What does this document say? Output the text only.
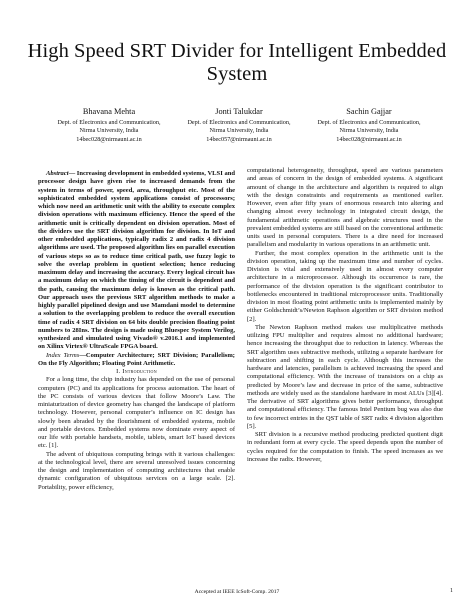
High Speed SRT Divider for Intelligent Embedded System
Bhavana Mehta
Dept. of Electronics and Communication,
Nirma University, India
14bec028@nirmauni.ac.in
Jonti Talukdar
Dept. of Electronics and Communication,
Nirma University, India
14bec057@nirmauni.ac.in
Sachin Gajjar
Dept. of Electronics and Communication,
Nirma University, India
14bec028@nirmauni.ac.in

Abstract— Increasing development in embedded systems, VLSI and processor design have given rise to increased demands from the system in terms of power, speed, area, throughput etc. Most of the sophisticated embedded system applications consist of processors; which now need an arithmetic unit with the ability to execute complex division operations with maximum efficiency. Hence the speed of the arithmetic unit is critically dependent on division operation. Most of the dividers use the SRT division algorithm for division. In IoT and other embedded applications, typically radix 2 and radix 4 division algorithms are used. The proposed algorithm lies on parallel execution of various steps so as to reduce time critical path, use fuzzy logic to solve the overlap problem in quotient selection; hence reducing maximum delay and increasing the accuracy. Every logical circuit has a maximum delay on which the timing of the circuit is dependent and the path, causing the maximum delay is known as the critical path. Our approach uses the previous SRT algorithm methods to make a highly parallel pipelined design and use Mamdani model to determine a solution to the overlapping problem to reduce the overall execution time of radix 4 SRT division on 64 bits double precision floating point numbers to 28Ins. The design is made using Bluespec System Verilog, synthesized and simulated using Vivado® v.2016.1 and implemented on Xilinx Virtex® UltraScale FPGA board.

Index Terms—Computer Architecture; SRT Division; Parallelism; On the Fly Algorithm; Floating Point Arithmetic.

I. Introduction

For a long time, the chip industry has depended on the use of personal computers (PC) and its applications for process automation. The heart of the PC consists of various devices that follow Moore’s Law. The miniaturization of device geometry has changed the landscape of platform technology. However, personal computer’s influence on IC design has slowly been abraded by the flourishment of embedded systems, mobile and portable devices. Embedded systems now dominate every aspect of our life with portable handsets, mobile, tablets, smart IoT based devices etc. [1].

The advent of ubiquitous computing brings with it various challenges: at the technological level, there are several unresolved issues concerning the design and implementation of computing architectures that enable dynamic configuration of ubiquitous services on a large scale. [2]. Portability, power efficiency,

computational heterogeneity, throughput, speed are various parameters and areas of concern in the design of embedded systems. A significant amount of change in the architecture and algorithm is required to align with the design constraints and requirements as mentioned earlier. However, even after fifty years of enormous research into altering and changing almost every technology in integrated circuit design, the fundamental arithmetic operations and algebraic structures used in the prevalent embedded systems are still based on the conventional arithmetic units used in personal computers. There is a dire need for increased parallelism and modularity in various operations in an arithmetic unit.

Further, the most complex operation in the arithmetic unit is the division operation, taking up the maximum time and number of cycles. Division is vital and extensively used in almost every computer architecture in a microprocessor. Although its occurrence is rare, the performance of the division operation is the significant contributor to bottlenecks encountered in traditional microprocessor units. Traditionally division in most floating point arithmetic units is implemented mainly by either Goldschmidt’s/Newton Raphson algorithm or SRT division method [2].

The Newton Raphson method makes use multiplicative methods utilizing FPU multiplier and requires almost no additional hardware; hence increasing the throughput due to reduction in latency. Whereas the SRT algorithm uses subtractive methods, utilizing a separate hardware for subtraction and shifting in each cycle. Although this increases the hardware and latencies, parallelism is achieved increasing the speed and computational efficiency. With the increase of transistors on a chip as predicted by Moore’s law and decrease in price of the same, subtractive methods are widely used as the standalone hardware in most ALUs [3][4]. The derivative of SRT algorithms gives better performance, throughput and computational efficiency. The famous Intel Pentium bug was also due to few incorrect entries in the QST table of SRT radix 4 division algorithm [5].

SRT division is a recursive method producing predicted quotient digit in redundant form at every cycle. The speed depends upon the number of cycles required for the computation to finish. The speed increases as we increase the radix. However,

Accepted at IEEE IcSoft-Comp. 2017	1
